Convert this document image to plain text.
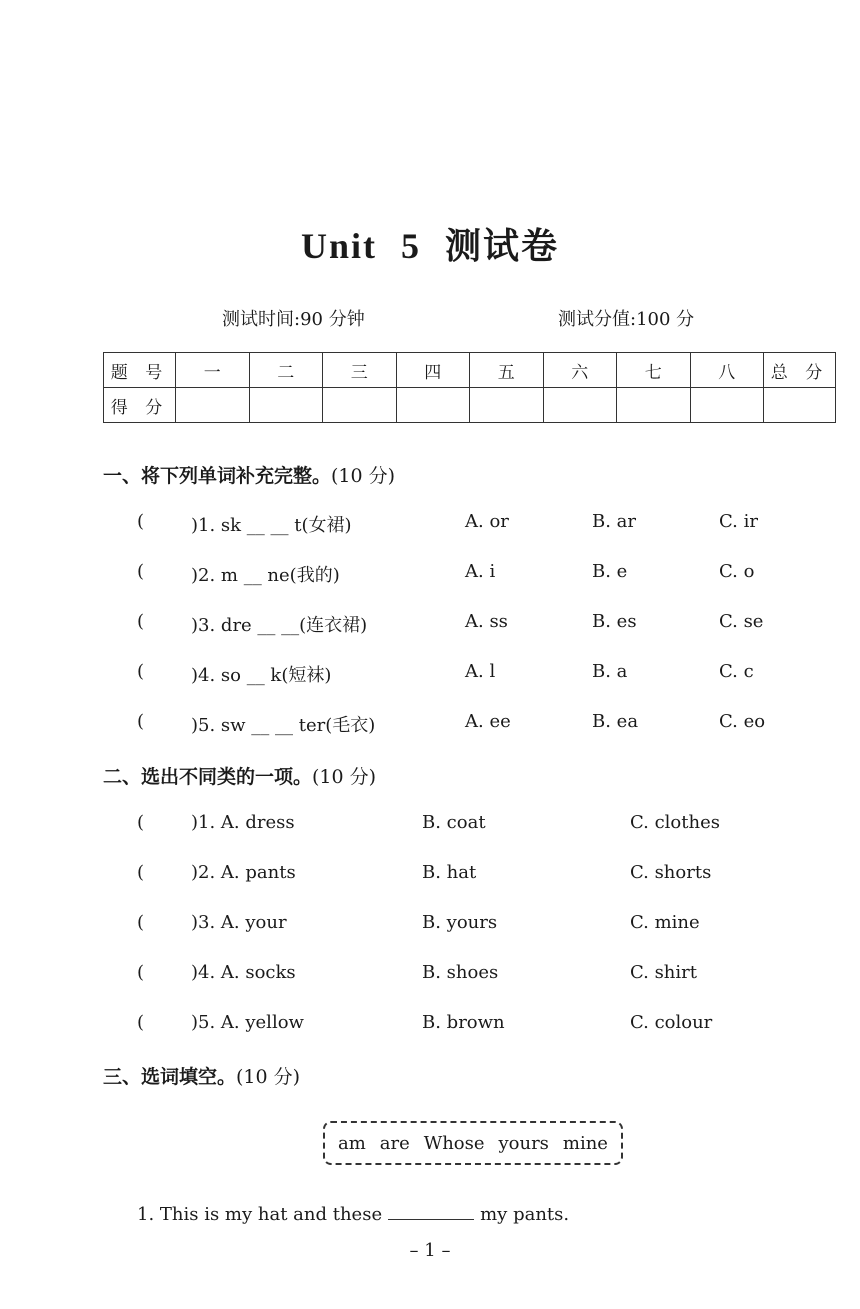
Unit 5 测试卷
测试时间:90 分钟	测试分值:100 分
题 号	一	二	三	四	五	六	七	八	总 分
得 分									
一、将下列单词补充完整。(10 分)
(	)1. sk __ __ t(女裙)	A. or	B. ar	C. ir
(	)2. m __ ne(我的)	A. i	B. e	C. o
(	)3. dre __ __(连衣裙)	A. ss	B. es	C. se
(	)4. so __ k(短袜)	A. l	B. a	C. c
(	)5. sw __ __ ter(毛衣)	A. ee	B. ea	C. eo
二、选出不同类的一项。(10 分)
(	)1. A. dress	B. coat	C. clothes
(	)2. A. pants	B. hat	C. shorts
(	)3. A. your	B. yours	C. mine
(	)4. A. socks	B. shoes	C. shirt
(	)5. A. yellow	B. brown	C. colour
三、选词填空。(10 分)
am are Whose yours mine
1. This is my hat and these	my pants.
– 1 –
